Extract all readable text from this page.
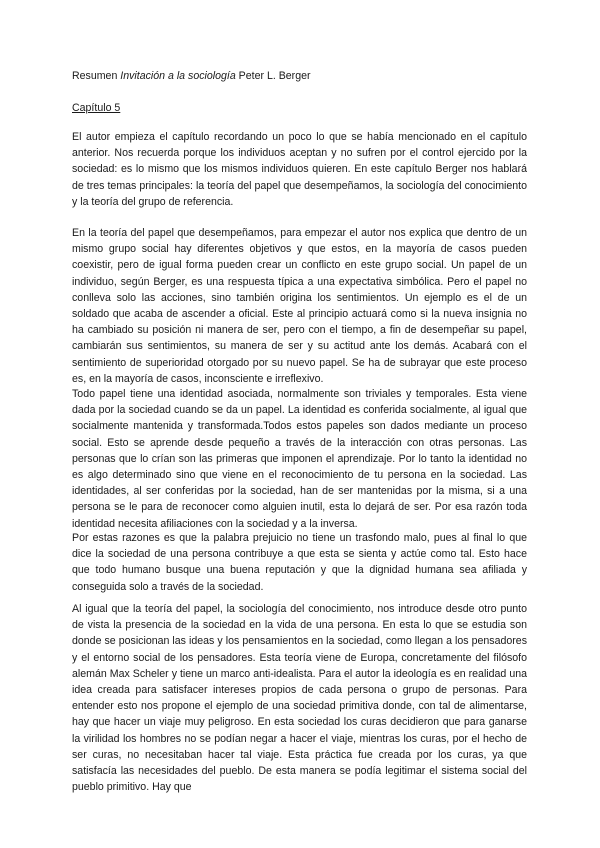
Resumen Invitación a la sociología Peter L. Berger
Capítulo 5

El autor empieza el capítulo recordando un poco lo que se había mencionado en el capítulo anterior. Nos recuerda porque los individuos aceptan y no sufren por el control ejercido por la sociedad: es lo mismo que los mismos individuos quieren. En este capítulo Berger nos hablará de tres temas principales: la teoría del papel que desempeñamos, la sociología del conocimiento y la teoría del grupo de referencia.

En la teoría del papel que desempeñamos, para empezar el autor nos explica que dentro de un mismo grupo social hay diferentes objetivos y que estos, en la mayoría de casos pueden coexistir, pero de igual forma pueden crear un conflicto en este grupo social. Un papel de un individuo, según Berger, es una respuesta típica a una expectativa simbólica. Pero el papel no conlleva solo las acciones, sino también origina los sentimientos. Un ejemplo es el de un soldado que acaba de ascender a oficial. Este al principio actuará como si la nueva insignia no ha cambiado su posición ni manera de ser, pero con el tiempo, a fin de desempeñar su papel, cambiarán sus sentimientos, su manera de ser y su actitud ante los demás. Acabará con el sentimiento de superioridad otorgado por su nuevo papel. Se ha de subrayar que este proceso es, en la mayoría de casos, inconsciente e irreflexivo.

Todo papel tiene una identidad asociada, normalmente son triviales y temporales. Esta viene dada por la sociedad cuando se da un papel. La identidad es conferida socialmente, al igual que socialmente mantenida y transformada.Todos estos papeles son dados mediante un proceso social. Esto se aprende desde pequeño a través de la interacción con otras personas. Las personas que lo crían son las primeras que imponen el aprendizaje. Por lo tanto la identidad no es algo determinado sino que viene en el reconocimiento de tu persona en la sociedad. Las identidades, al ser conferidas por la sociedad, han de ser mantenidas por la misma, si a una persona se le para de reconocer como alguien inutil, esta lo dejará de ser. Por esa razón toda identidad necesita afiliaciones con la sociedad y a la inversa.

Por estas razones es que la palabra prejuicio no tiene un trasfondo malo, pues al final lo que dice la sociedad de una persona contribuye a que esta se sienta y actúe como tal. Esto hace que todo humano busque una buena reputación y que la dignidad humana sea afiliada y conseguida solo a través de la sociedad.

Al igual que la teoría del papel, la sociología del conocimiento, nos introduce desde otro punto de vista la presencia de la sociedad en la vida de una persona. En esta lo que se estudia son donde se posicionan las ideas y los pensamientos en la sociedad, como llegan a los pensadores y el entorno social de los pensadores. Esta teoría viene de Europa, concretamente del filósofo alemán Max Scheler y tiene un marco anti-idealista. Para el autor la ideología es en realidad una idea creada para satisfacer intereses propios de cada persona o grupo de personas. Para entender esto nos propone el ejemplo de una sociedad primitiva donde, con tal de alimentarse, hay que hacer un viaje muy peligroso. En esta sociedad los curas decidieron que para ganarse la virilidad los hombres no se podían negar a hacer el viaje, mientras los curas, por el hecho de ser curas, no necesitaban hacer tal viaje. Esta práctica fue creada por los curas, ya que satisfacía las necesidades del pueblo. De esta manera se podía legitimar el sistema social del pueblo primitivo. Hay que
